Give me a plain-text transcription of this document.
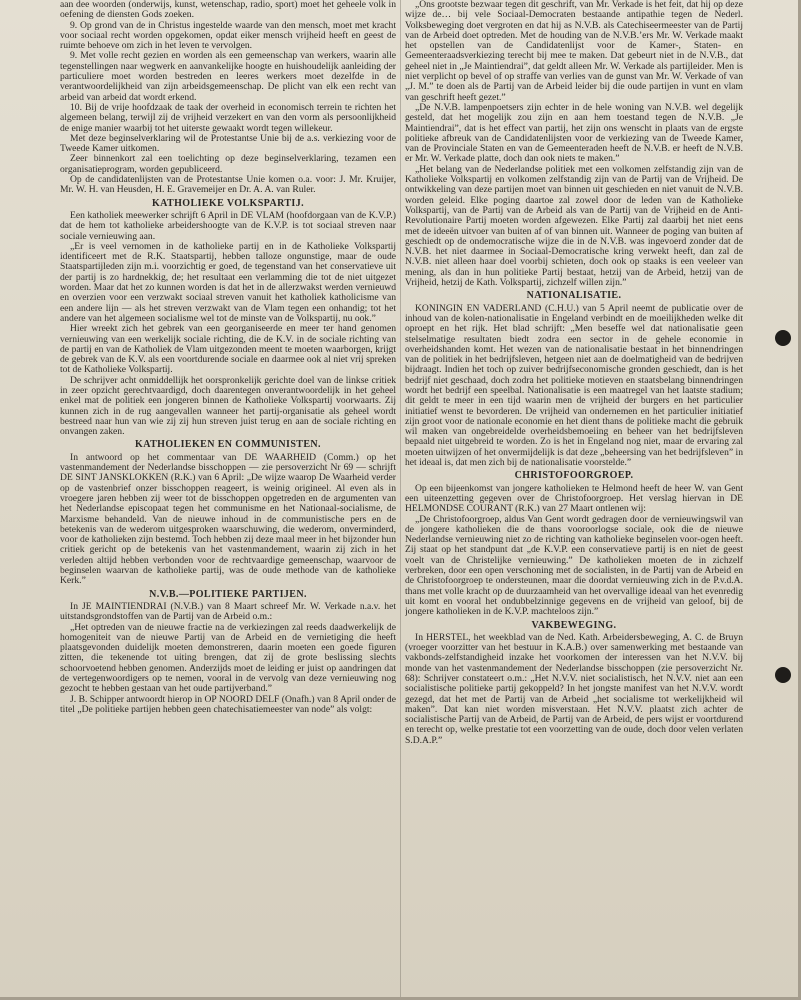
aan dee woorden (onderwijs, kunst, wetenschap, radio, sport) moet het geheele volk in oefening de diensten Gods zoeken.

9. Op grond van de in Christus ingestelde waarde van den mensch, moet met kracht voor sociaal recht worden opgekomen, opdat eiker mensch vrijheid heeft en geest de ruimte behoeve om zich in het leven te vervolgen.

9. Met volle recht gezien en worden als een gemeenschap van werkers, waarin alle tegenstellingen naar wegwerk en aanvankelijke hoogte en huishoudelijk aanleiding der particuliere moet worden bestreden en leeres werkers moet dezelfde in de verantwoordelijkheid van zijn arbeidsgemeenschap. De plicht van elk een recht van arbeid van arbeid dat wordt erkend.

10. Bij de vrije hoofdzaak de taak der overheid in economisch terrein te richten het algemeen belang, terwijl zij de vrijheid verzekert en van den vorm als persoonlijkheid de enige manier waarbij tot het uiterste gewaakt wordt tegen willekeur.

Met deze beginselverklaring wil de Protestantse Unie bij de a.s. verkiezing voor de Tweede Kamer uitkomen.

Zeer binnenkort zal een toelichting op deze beginselverklaring, tezamen een organisatieprogram, worden gepubliceerd.

Op de candidatenlijsten van de Protestantse Unie komen o.a. voor: J. Mr. Kruijer, Mr. W. H. van Heusden, H. E. Gravemeijer en Dr. A. A. van Ruler.

KATHOLIEKE VOLKSPARTIJ.

Een katholiek meewerker schrijft 6 April in DE VLAM (hoofdorgaan van de K.V.P.) dat de hem tot katholieke arbeidershoogte van de K.V.P. is tot sociaal streven naar sociale vernieuwing aan.

„Er is veel vernomen in de katholieke partij en in de Katholieke Volkspartij identificeert met de R.K. Staatspartij, hebben talloze ongunstige, maar de oude Staatspartijleden zijn m.i. voorzichtig er goed, de tegenstand van het conservatieve uit der partij is zo hardnekkig, de; het resultaat een verlamming die tot de niet uitgezet worden. Maar dat het zo kunnen worden is dat het in de allerzwakst werden vernieuwd en overzien voor een verzwakt sociaal streven vanuit het katholiek katholicisme van een andere lijn — als het streven verzwakt van de Vlam tegen een onhandig; tot het andere van het algemeen socialisme wel tot de minste van de Volkspartij, nu ook.”

Hier wreekt zich het gebrek van een georganiseerde en meer ter hand genomen vernieuwing van een werkelijk sociale richting, die de K.V. in de sociale richting van de partij en van de Katholiek de Vlam uitgezonden meent te moeten waarborgen, krijgt de gebrek van de K.V. als een voortdurende sociale en daarmee ook al niet vrij spreken tot de Katholieke Volkspartij.

De schrijver acht onmiddellijk het oorspronkelijk gerichte doel van de linkse critiek in zeer opzicht gerechtvaardigd, doch daarentegen onverantwoordelijk in het geheel enkel mat de politiek een jongeren binnen de Katholieke Volkspartij voorwaarts. Zij kunnen zich in de rug aangevallen wanneer het partij-organisatie als geheel wordt bestreed naar hun van wie zij zij hun streven juist terug en aan de sociale richting en onvangen zaken.

KATHOLIEKEN EN COMMUNISTEN.

In antwoord op het commentaar van DE WAARHEID (Comm.) op het vastenmandement der Nederlandse bisschoppen — zie persoverzicht Nr 69 — schrijft DE SINT JANSKLOKKEN (R.K.) van 6 April: „De wijze waarop De Waarheid verder op de vastenbrief onzer bisschoppen reageert, is weinig origineel. Al even als in vroegere jaren hebben zij weer tot de bisschoppen opgetreden en de argumenten van het Nederlandse episcopaat tegen het communisme en het Nationaal-socialisme, de Marxisme behandeld. Van de nieuwe inhoud in de communistische pers en de betekenis van de wederom uitgesproken waarschuwing, die wederom, onverminderd, voor de katholieken zijn bestemd. Toch hebben zij deze maal meer in het bijzonder hun critiek gericht op de betekenis van het vastenmandement, waarin zij zich in het verleden altijd hebben verbonden voor de rechtvaardige gemeenschap, waarvoor de beginselen waarvan de katholieke partij, was de oude methode van de katholieke Kerk.”

N.V.B.—POLITIEKE PARTIJEN.

In JE MAINTIENDRAI (N.V.B.) van 8 Maart schreef Mr. W. Verkade n.a.v. het uitstandsgrondstoffen van de Partij van de Arbeid o.m.:

„Het optreden van de nieuwe fractie na de verkiezingen zal reeds daadwerkelijk de homogeniteit van de nieuwe Partij van de Arbeid en de vernietiging die heeft plaatsgevonden duidelijk moeten demonstreren, daarin moeten een goede figuren zitten, die tekenende tot uiting brengen, dat zij de grote beslissing slechts schoorvoetend hebben genomen. Anderzijds moet de leiding er juist op aandringen dat de vertegenwoordigers op te nemen, vooral in de vervolg van deze vernieuwing nog gezocht te hebben gestaan van het oude partijverband.”

J. B. Schipper antwoordt hierop in OP NOORD DELF (Onafh.) van 8 April onder de titel „De politieke partijen hebben geen chatechisatiemeester van node” als volgt:

„Ons grootste bezwaar tegen dit geschrift, van Mr. Verkade is het feit, dat hij op deze wijze de… bij vele Sociaal-Democraten bestaande antipathie tegen de Nederl. Volksbeweging doet vergroten en dat hij as N.V.B. als Catechiseermeester van de Partij van de Arbeid doet optreden. Met de houding van de N.V.B.’ers Mr. W. Verkade maakt het opstellen van de Candidatenlijst voor de Kamer-, Staten- en Gemeenteraadsverkiezing terecht bij mee te maken. Dat gebeurt niet in de N.V.B., dat geheel niet in „Je Maintiendrai”, dat geldt alleen Mr. W. Verkade als partijleider. Men is niet verplicht op bevel of op straffe van verlies van de gunst van Mr. W. Verkade of van „J. M.” te doen als de Partij van de Arbeid leider bij die oude partijen in vunt en vlam van geschrift heeft gezet.”

„De N.V.B. lampenpoetsers zijn echter in de hele woning van N.V.B. wel degelijk gesteld, dat het mogelijk zou zijn en aan hem toestand tegen de N.V.B. „Je Maintiendrai”, dat is het effect van partij, het zijn ons wenscht in plaats van de ergste politieke afbreuk van de Candidatenlijsten voor de verkiezing van de Tweede Kamer, van de Provinciale Staten en van de Gemeenteraden heeft de N.V.B. er heeft de N.V.B. er Mr. W. Verkade platte, doch dan ook niets te maken.”

„Het belang van de Nederlandse politiek met een volkomen zelfstandig zijn van de Katholieke Volkspartij en volkomen zelfstandig zijn van de Partij van de Vrijheid. De ontwikkeling van deze partijen moet van binnen uit geschieden en niet vanuit de N.V.B. worden geleid. Elke poging daartoe zal zowel door de leden van de Katholieke Volkspartij, van de Partij van de Arbeid als van de Partij van de Vrijheid en de Anti-Revolutionaire Partij moeten worden afgewezen. Elke Partij zal daarbij het niet eens met de ideeën uitvoer van buiten af of van binnen uit. Wanneer de poging van buiten af geschiedt op de ondemocratische wijze die in de N.V.B. was ingevoerd zonder dat de N.V.B. het niet daarmee in Sociaal-Democratische kring verwekt heeft, dan zal de N.V.B. niet alleen haar doel voorbij schieten, doch ook op staaks is een veeleer van mening, als dan in hun politieke Partij bestaat, hetzij van de Arbeid, hetzij van de Vrijheid, hetzij de Kath. Volkspartij, zichzelf willen zijn.”

NATIONALISATIE.

KONINGIN EN VADERLAND (C.H.U.) van 5 April neemt de publicatie over de inhoud van de kolen-nationalisatie in Engeland verbindt en de moeilijkheden welke dit oproept en het rijk. Het blad schrijft: „Men beseffe wel dat nationalisatie geen stelselmatige resultaten biedt zodra een sector in de gehele economie in overheidshanden komt. Het wezen van de nationalisatie bestaat in het binnendringen van de politiek in het bedrijfsleven, hetgeen niet aan de doelmatigheid van de bedrijven bijdraagt. Indien het toch op zuiver bedrijfseconomische gronden geschiedt, dan is het bedrijf niet geschaad, doch zodra het politieke motieven en staatsbelang binnendringen wordt het bedrijf een speelbal. Nationalisatie is een maatregel van het laatste stadium; dit geldt te meer in een tijd waarin men de vrijheid der burgers en het particulier initiatief wenst te bevorderen. De vrijheid van ondernemen en het particulier initiatief zijn groot voor de nationale economie en het dient thans de politieke macht die gebruik wil maken van ongebreidelde overheidsbemoeiing en beheer van het bedrijfsleven bepaald niet uitgebreid te worden. Zo is het in Engeland nog niet, maar de ervaring zal moeten uitwijzen of het onvermijdelijk is dat deze „beheersing van het bedrijfsleven” in het ideaal is, dat men zich bij de nationalisatie voorstelde.”

CHRISTOFOORGROEP.

Op een bijeenkomst van jongere katholieken te Helmond heeft de heer W. van Gent een uiteenzetting gegeven over de Christofoorgroep. Het verslag hiervan in DE HELMONDSE COURANT (R.K.) van 27 Maart ontlenen wij:

„De Christofoorgroep, aldus Van Gent wordt gedragen door de vernieuwingswil van de jongere katholieken die de thans vooroorlogse sociale, ook die de nieuwe Nederlandse vernieuwing niet zo de richting van katholieke beginselen voor-ogen heeft. Zij staat op het standpunt dat „de K.V.P. een conservatieve partij is en niet de geest voelt van de Christelijke vernieuwing.” De katholieken moeten de in zichzelf verbreken, door een open verschoning met de socialisten, in de Partij van de Arbeid en de Christofoorgroep te ondersteunen, maar die doordat vernieuwing zich in de P.v.d.A. thans met volle kracht op de duurzaamheid van het overvallige ideaal van het evenredig uit komt en vooral het ondubbelzinnige gegevens en de vrijheid van geloof, bij de jongere katholieken in de K.V.P. machteloos zijn.”

VAKBEWEGING.

In HERSTEL, het weekblad van de Ned. Kath. Arbeidersbeweging, A. C. de Bruyn (vroeger voorzitter van het bestuur in K.A.B.) over samenwerking met bestaande van vakbonds-zelfstandigheid inzake het voorkomen der interessen van het N.V.V. bij monde van het vastenmandement der Nederlandse bisschoppen (zie persoverzicht Nr. 68): Schrijver constateert o.m.: „Het N.V.V. niet socialistisch, het N.V.V. niet aan een socialistische politieke partij gekoppeld? In het jongste manifest van het N.V.V. wordt gezegd, dat het met de Partij van de Arbeid „het socialisme tot werkelijkheid wil maken”. Dat kan niet worden misverstaan. Het N.V.V. plaatst zich achter de socialistische Partij van de Arbeid, de Partij van de Arbeid, de pers wijst er voortdurend en terecht op, welke prestatie tot een voorzetting van de oude, doch door velen verlaten S.D.A.P.”
